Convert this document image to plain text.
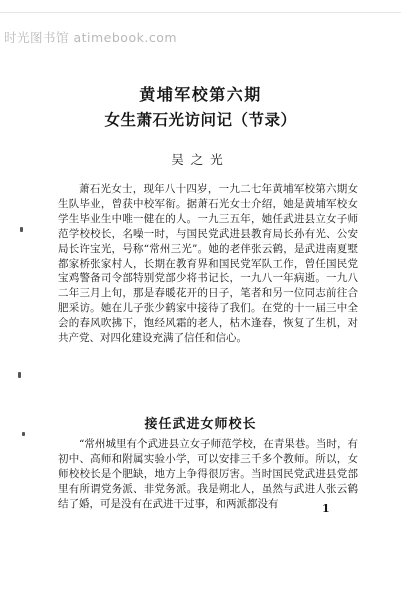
时光图书馆 atimebook.com
黄埔军校第六期
女生萧石光访问记（节录）
吴之光

萧石光女士，现年八十四岁，一九二七年黄埔军校第六期女生队毕业，曾获中校军衔。据萧石光女士介绍，她是黄埔军校女学生毕业生中唯一健在的人。一九三五年，她任武进县立女子师范学校校长，名噪一时，与国民党武进县教育局长孙有光、公安局长许宝光，号称“常州三光”。她的老伴张云鹤，是武进南夏墅都家桥张家村人，长期在教育界和国民党军队工作，曾任国民党宝鸡警备司令部特别党部少将书记长，一九八一年病逝。一九八二年三月上旬，那是春暖花开的日子，笔者和另一位同志前往合肥采访。她在儿子张少鹤家中接待了我们。在党的十一届三中全会的春风吹拂下，饱经风霜的老人，枯木逢春，恢复了生机，对共产党、对四化建设充满了信任和信心。

接任武进女师校长

“常州城里有个武进县立女子师范学校，在青果巷。当时，有初中、高师和附属实验小学，可以安排三千多个教师。所以，女师校校长是个肥缺，地方上争得很厉害。当时国民党武进县党部里有所谓党务派、非党务派。我是朔北人，虽然与武进人张云鹤结了婚，可是没有在武进干过事，和两派都没有	1
